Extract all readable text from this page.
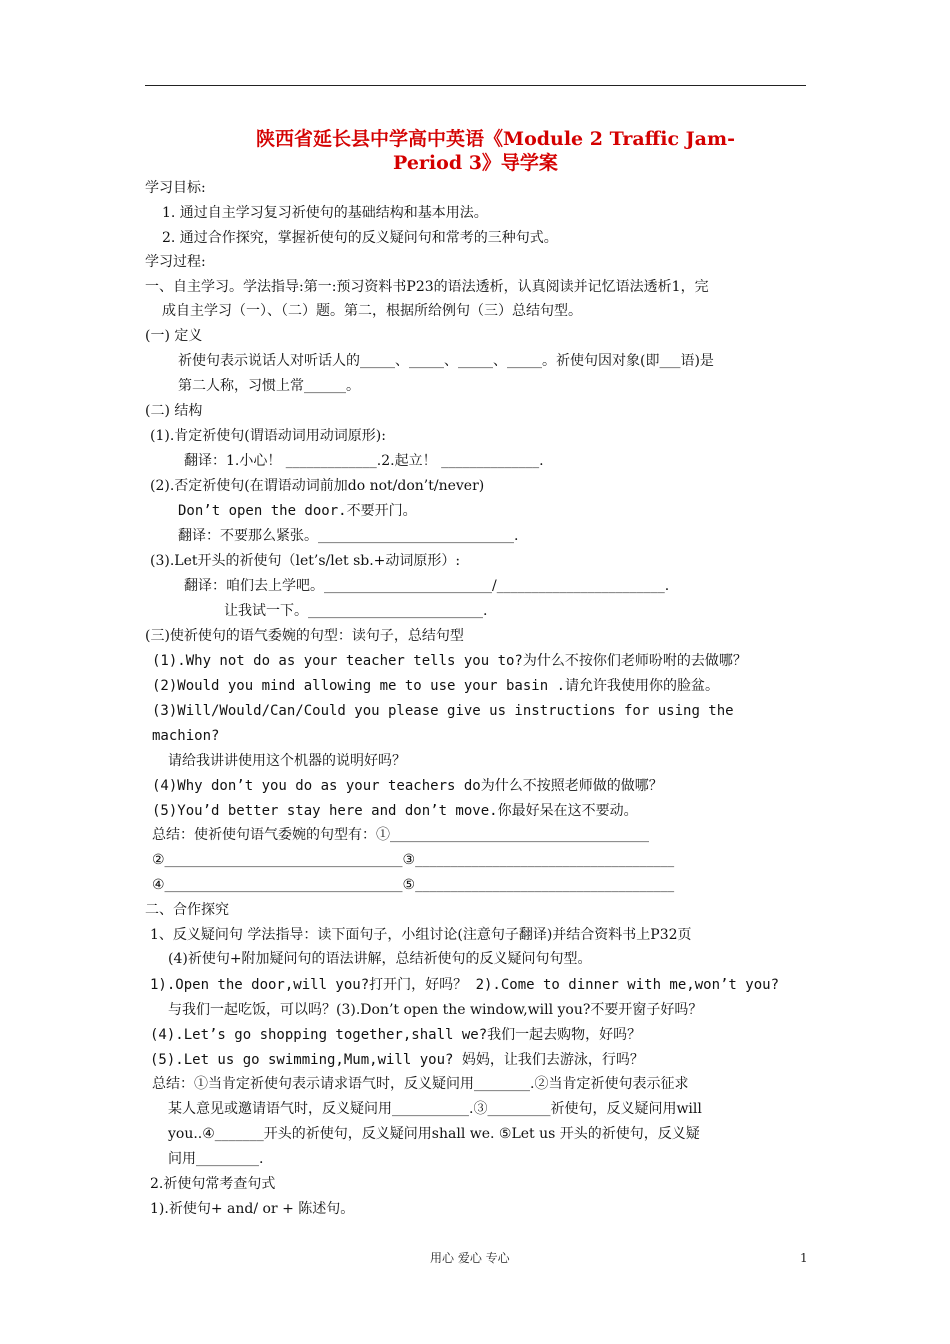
陕西省延长县中学高中英语《Module 2 Traffic Jam-
Period 3》导学案
学习目标:
1. 通过自主学习复习祈使句的基础结构和基本用法。
2. 通过合作探究，掌握祈使句的反义疑问句和常考的三种句式。
学习过程:
一、自主学习。学法指导:第一:预习资料书P23的语法透析，认真阅读并记忆语法透析1，完
成自主学习（一）、（二）题。第二，根据所给例句（三）总结句型。
(一) 定义
祈使句表示说话人对听话人的_____、_____、_____、_____。祈使句因对象(即___语)是
第二人称，习惯上常______。
(二) 结构
(1).肯定祈使句(谓语动词用动词原形):
翻译：1.小心！ _____________.2.起立！ ______________.
(2).否定祈使句(在谓语动词前加do not/don’t/never)
Don’t open the door.不要开门。
翻译：不要那么紧张。____________________________.
(3).Let开头的祈使句（let’s/let sb.+动词原形）:
翻译：咱们去上学吧。________________________/________________________.
让我试一下。_________________________.
(三)使祈使句的语气委婉的句型：读句子，总结句型
(1).Why not do as your teacher tells you to?为什么不按你们老师吩咐的去做哪？
(2)Would you mind allowing me to use your basin .请允许我使用你的脸盆。
(3)Will/Would/Can/Could you please give us instructions for using the
machion?
请给我讲讲使用这个机器的说明好吗？
(4)Why don’t you do as your teachers do为什么不按照老师做的做哪？
(5)You’d better stay here and don’t move.你最好呆在这不要动。
总结：使祈使句语气委婉的句型有：①_____________________________________
②__________________________________③_____________________________________
④__________________________________⑤_____________________________________
二、合作探究
1、反义疑问句 学法指导：读下面句子，小组讨论(注意句子翻译)并结合资料书上P32页
(4)祈使句+附加疑问句的语法讲解，总结祈使句的反义疑问句句型。
1).Open the door,will you?打开门，好吗？ 2).Come to dinner with me,won’t you?
与我们一起吃饭，可以吗？(3).Don’t open the window,will you?不要开窗子好吗？
(4).Let’s go shopping together,shall we?我们一起去购物，好吗？
(5).Let us go swimming,Mum,will you? 妈妈，让我们去游泳，行吗？
总结：①当肯定祈使句表示请求语气时，反义疑问用________.②当肯定祈使句表示征求
某人意见或邀请语气时，反义疑问用___________.③_________祈使句，反义疑问用will
you..④_______开头的祈使句，反义疑问用shall we. ⑤Let us 开头的祈使句，反义疑
问用_________.
2.祈使句常考查句式
1).祈使句+ and/ or + 陈述句。
用心 爱心 专心	1
